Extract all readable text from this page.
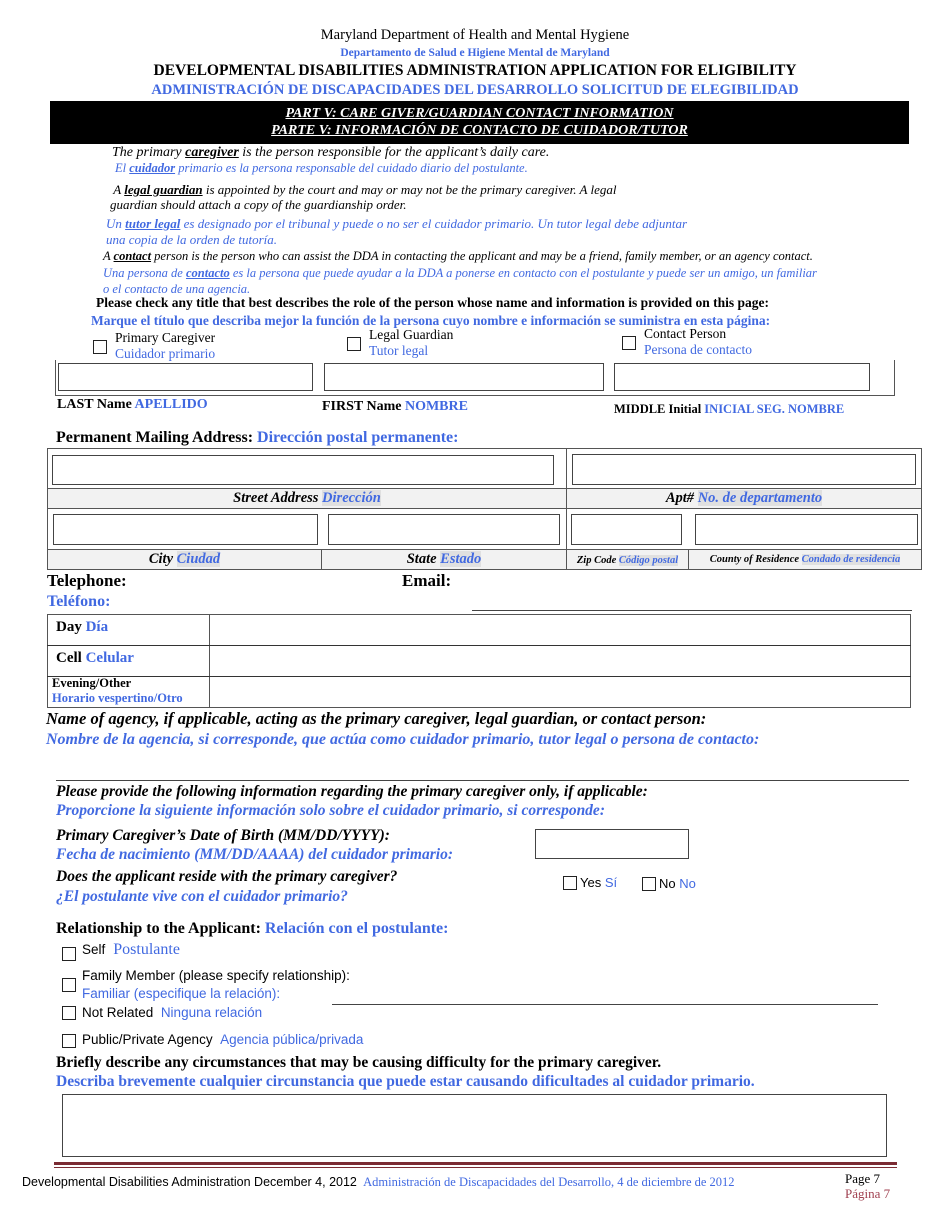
Maryland Department of Health and Mental Hygiene
Departamento de Salud e Higiene Mental de Maryland
DEVELOPMENTAL DISABILITIES ADMINISTRATION APPLICATION FOR ELIGIBILITY
ADMINISTRACIÓN DE DISCAPACIDADES DEL DESARROLLO SOLICITUD DE ELEGIBILIDAD
PART V: CARE GIVER/GUARDIAN CONTACT INFORMATION
PARTE V: INFORMACIÓN DE CONTACTO DE CUIDADOR/TUTOR
The primary caregiver is the person responsible for the applicant’s daily care.
El cuidador primario es la persona responsable del cuidado diario del postulante.
A legal guardian is appointed by the court and may or may not be the primary caregiver. A legal
guardian should attach a copy of the guardianship order.
Un tutor legal es designado por el tribunal y puede o no ser el cuidador primario. Un tutor legal debe adjuntar
una copia de la orden de tutoría.
A contact person is the person who can assist the DDA in contacting the applicant and may be a friend, family member, or an agency contact.
Una persona de contacto es la persona que puede ayudar a la DDA a ponerse en contacto con el postulante y puede ser un amigo, un familiar
o el contacto de una agencia.
Please check any title that best describes the role of the person whose name and information is provided on this page:
Marque el título que describa mejor la función de la persona cuyo nombre e información se suministra en esta página:
Primary Caregiver
Cuidador primario
Legal Guardian
Tutor legal
Contact Person
Persona de contacto
LAST Name APELLIDO	FIRST Name NOMBRE	MIDDLE Initial INICIAL SEG. NOMBRE
Permanent Mailing Address: Dirección postal permanente:
Street Address Dirección	Apt# No. de departamento
City Ciudad	State Estado	Zip Code Código postal	County of Residence Condado de residencia
Telephone:
Teléfono:
Email:
Day Día
Cell Celular
Evening/Other
Horario vespertino/Otro
Name of agency, if applicable, acting as the primary caregiver, legal guardian, or contact person:
Nombre de la agencia, si corresponde, que actúa como cuidador primario, tutor legal o persona de contacto:
Please provide the following information regarding the primary caregiver only, if applicable:
Proporcione la siguiente información solo sobre el cuidador primario, si corresponde:
Primary Caregiver’s Date of Birth (MM/DD/YYYY):
Fecha de nacimiento (MM/DD/AAAA) del cuidador primario:
Does the applicant reside with the primary caregiver?
¿El postulante vive con el cuidador primario?
Yes Sí	No No
Relationship to the Applicant: Relación con el postulante:
Self Postulante
Family Member (please specify relationship):
Familiar (especifique la relación):
Not Related Ninguna relación
Public/Private Agency Agencia pública/privada
Briefly describe any circumstances that may be causing difficulty for the primary caregiver.
Describa brevemente cualquier circunstancia que puede estar causando dificultades al cuidador primario.
Developmental Disabilities Administration December 4, 2012 Administración de Discapacidades del Desarrollo, 4 de diciembre de 2012	Page 7
Página 7
